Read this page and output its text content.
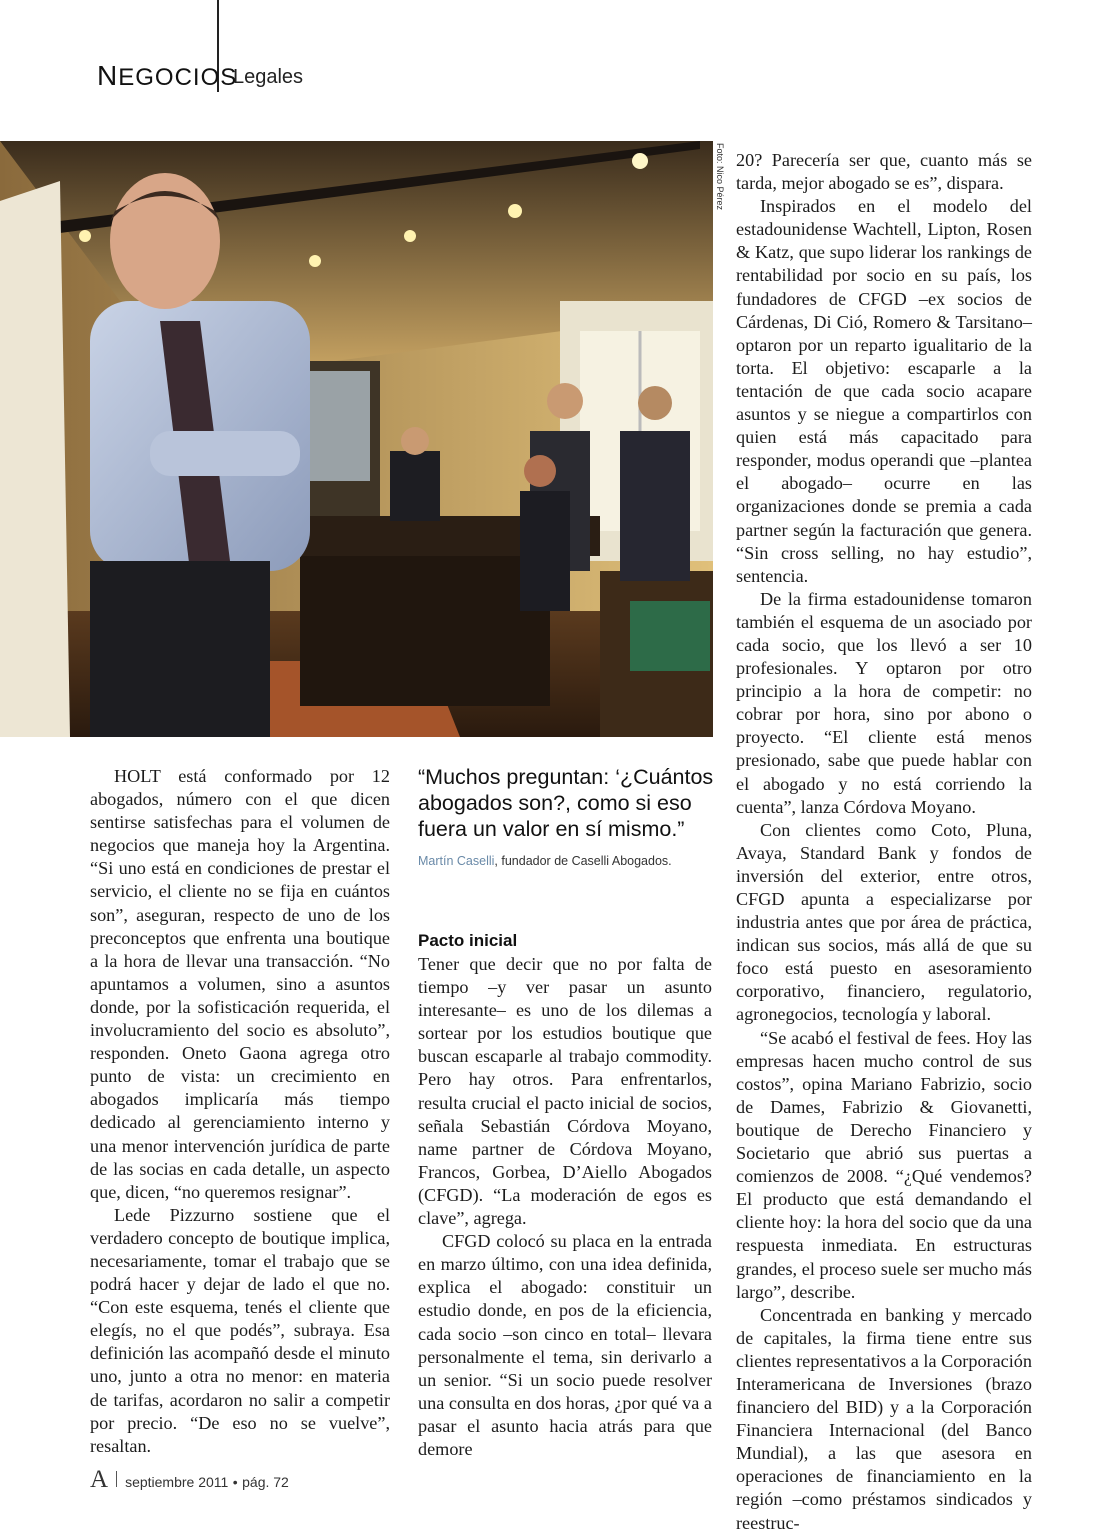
NEGOCIOS
Legales
Foto: Nico Pérez

HOLT está conformado por 12 abogados, número con el que dicen sentirse satisfechas para el volumen de negocios que maneja hoy la Argentina. “Si uno está en condiciones de prestar el servicio, el cliente no se fija en cuántos son”, aseguran, respecto de uno de los preconceptos que enfrenta una boutique a la hora de llevar una transacción. “No apuntamos a volumen, sino a asuntos donde, por la sofisticación requerida, el involucramiento del socio es absoluto”, responden. Oneto Gaona agrega otro punto de vista: un crecimiento en abogados implicaría más tiempo dedicado al gerenciamiento interno y una menor intervención jurídica de parte de las socias en cada detalle, un aspecto que, dicen, “no queremos resignar”.

Lede Pizzurno sostiene que el verdadero concepto de boutique implica, necesariamente, tomar el trabajo que se podrá hacer y dejar de lado el que no. “Con este esquema, tenés el cliente que elegís, no el que podés”, subraya. Esa definición las acompañó desde el minuto uno, junto a otra no menor: en materia de tarifas, acordaron no salir a competir por precio. “De eso no se vuelve”, resaltan.

“Muchos preguntan: ‘¿Cuántos abogados son?, como si eso fuera un valor en sí mismo.”

Martín Caselli, fundador de Caselli Abogados.
Pacto inicial

Tener que decir que no por falta de tiempo –y ver pasar un asunto interesante– es uno de los dilemas a sortear por los estudios boutique que buscan escaparle al trabajo commodity. Pero hay otros. Para enfrentarlos, resulta crucial el pacto inicial de socios, señala Sebastián Córdova Moyano, name partner de Córdova Moyano, Francos, Gorbea, D’Aiello Abogados (CFGD). “La moderación de egos es clave”, agrega.

CFGD colocó su placa en la entrada en marzo último, con una idea definida, explica el abogado: constituir un estudio donde, en pos de la eficiencia, cada socio –son cinco en total– llevara personalmente el tema, sin derivarlo a un senior. “Si un socio puede resolver una consulta en dos horas, ¿por qué va a pasar el asunto hacia atrás para que demore

20? Parecería ser que, cuanto más se tarda, mejor abogado se es”, dispara.

Inspirados en el modelo del estadounidense Wachtell, Lipton, Rosen & Katz, que supo liderar los rankings de rentabilidad por socio en su país, los fundadores de CFGD –ex socios de Cárdenas, Di Ció, Romero & Tarsitano– optaron por un reparto igualitario de la torta. El objetivo: escaparle a la tentación de que cada socio acapare asuntos y se niegue a compartirlos con quien está más capacitado para responder, modus operandi que –plantea el abogado– ocurre en las organizaciones donde se premia a cada partner según la facturación que genera. “Sin cross selling, no hay estudio”, sentencia.

De la firma estadounidense tomaron también el esquema de un asociado por cada socio, que los llevó a ser 10 profesionales. Y optaron por otro principio a la hora de competir: no cobrar por hora, sino por abono o proyecto. “El cliente está menos presionado, sabe que puede hablar con el abogado y no está corriendo la cuenta”, lanza Córdova Moyano.

Con clientes como Coto, Pluna, Avaya, Standard Bank y fondos de inversión del exterior, entre otros, CFGD apunta a especializarse por industria antes que por área de práctica, indican sus socios, más allá de que su foco está puesto en asesoramiento corporativo, financiero, regulatorio, agronegocios, tecnología y laboral.

“Se acabó el festival de fees. Hoy las empresas hacen mucho control de sus costos”, opina Mariano Fabrizio, socio de Dames, Fabrizio & Giovanetti, boutique de Derecho Financiero y Societario que abrió sus puertas a comienzos de 2008. “¿Qué vendemos? El producto que está demandando el cliente hoy: la hora del socio que da una respuesta inmediata. En estructuras grandes, el proceso suele ser mucho más largo”, describe.

Concentrada en banking y mercado de capitales, la firma tiene entre sus clientes representativos a la Corporación Interamericana de Inversiones (brazo financiero del BID) y a la Corporación Financiera Internacional (del Banco Mundial), a las que asesora en operaciones de financiamiento en la región –como préstamos sindicados y reestruc-

A septiembre 2011 • pág. 72
